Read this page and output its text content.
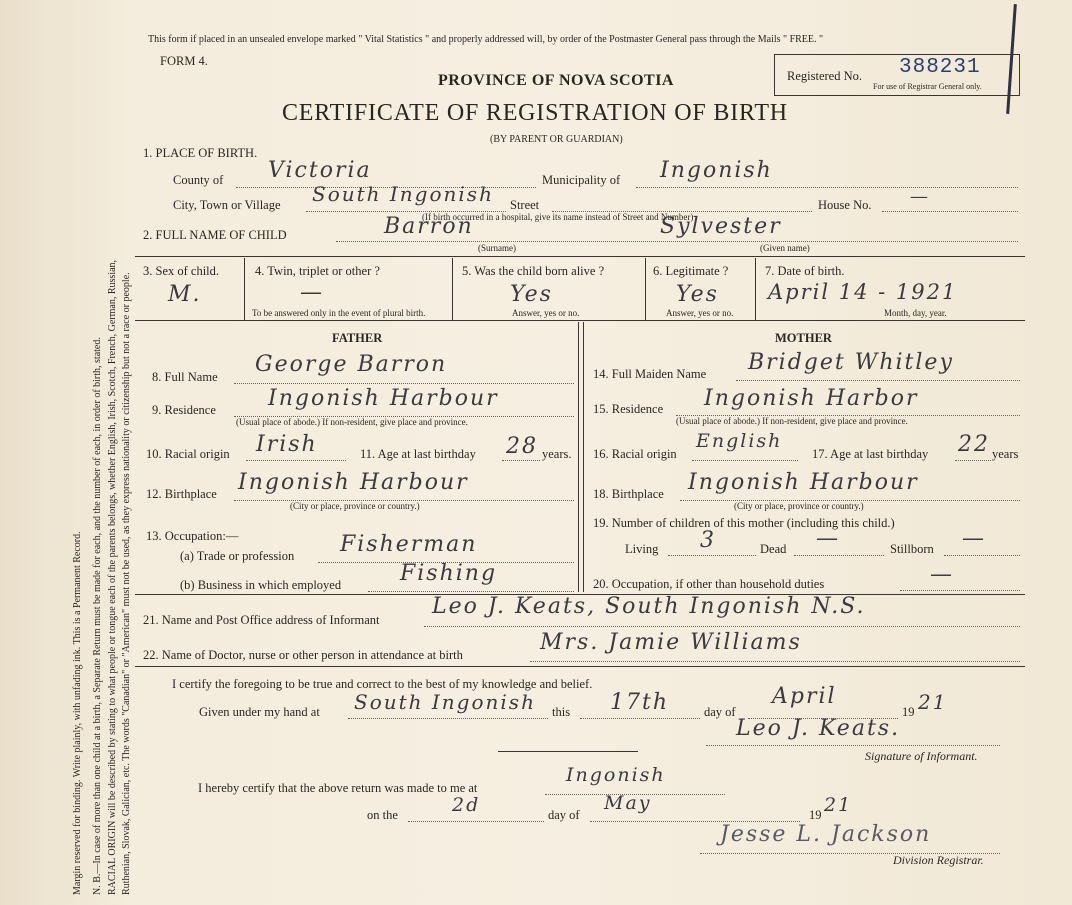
Margin reserved for binding. Write plainly, with unfading ink. This is a Permanent Record. N. B.—In case of more than one child at a birth, a Separate Return must be made for each, and the number of each, in order of birth, stated. RACIAL ORIGIN will be described by stating to what people or tongue each of the parents belongs, whether English, Irish, Scotch, French, German, Russian, Ruthenian, Slovak, Galician, etc. The words "Canadian" or "American" must not be used, as they express nationality or citizenship but not a race or people.
This form if placed in an unsealed envelope marked " Vital Statistics " and properly addressed will, by order of the Postmaster General pass through the Mails " FREE. "
FORM 4.
PROVINCE OF NOVA SCOTIA
CERTIFICATE OF REGISTRATION OF BIRTH
(BY PARENT OR GUARDIAN)
Registered No. 388231
For use of Registrar General only.
1. PLACE OF BIRTH.
County of Victoria	Municipality of Ingonish
City, Town or Village South Ingonish Street	House No. —
(If birth occurred in a hospital, give its name instead of Street and Number)
2. FULL NAME OF CHILD	Barron	Sylvester
(Surname)	(Given name)
3. Sex of child.
M.
4. Twin, triplet or other ?
—
To be answered only in the event of plural birth.
5. Was the child born alive ?
Yes
Answer, yes or no.
6. Legitimate ?
Yes
Answer, yes or no.
7. Date of birth.
April 14 - 1921
Month, day, year.
FATHER	MOTHER
8. Full Name George Barron
9. Residence Ingonish Harbour
(Usual place of abode.) If non-resident, give place and province.
10. Racial origin Irish	11. Age at last birthday 28 years.
12. Birthplace Ingonish Harbour
(City or place, province or country.)
13. Occupation:—
(a) Trade or profession Fisherman
(b) Business in which employed	Fishing
14. Full Maiden Name Bridget Whitley
15. Residence Ingonish Harbor
(Usual place of abode.) If non-resident, give place and province.
16. Racial origin
English
17. Age at last birthday 22 years
18. Birthplace Ingonish Harbour
(City or place, province or country.)
19. Number of children of this mother (including this child.)
Living 3	Dead —	Stillborn —
20. Occupation, if other than household duties	—
21. Name and Post Office address of Informant
Leo J. Keats, South Ingonish N.S.
22. Name of Doctor, nurse or other person in attendance at birth	Mrs. Jamie Williams
I certify the foregoing to be true and correct to the best of my knowledge and belief.
Given under my hand at South Ingonish this 17th	day of
April
19 21
Leo J. Keats.
Signature of Informant.
I hereby certify that the above return was made to me at
Ingonish
on the	2d	day of
May
19 21
Jesse L. Jackson
Division Registrar.
